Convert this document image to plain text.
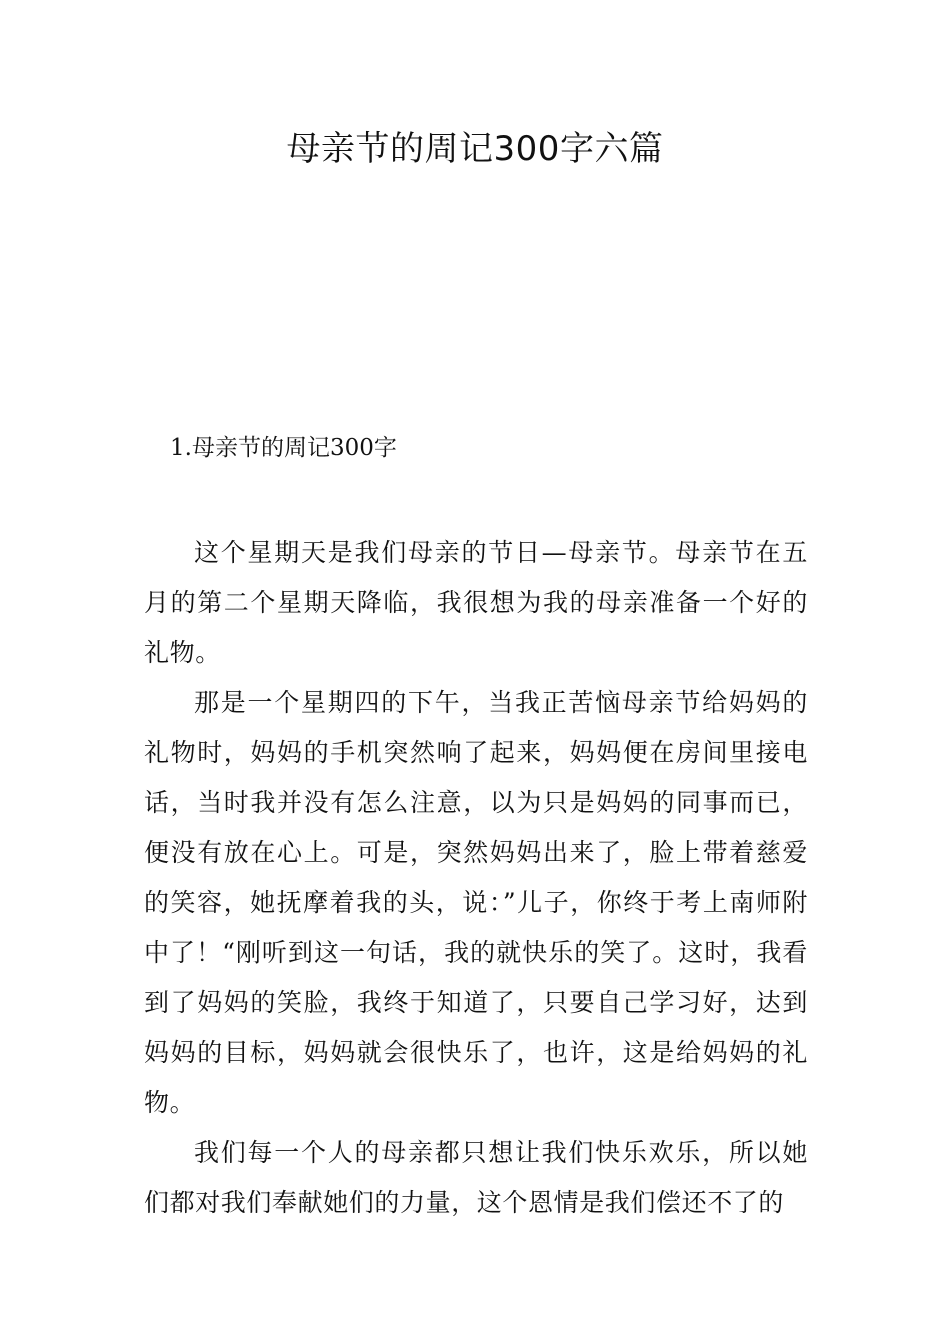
母亲节的周记300字六篇
1.母亲节的周记300字

这个星期天是我们母亲的节日—母亲节。母亲节在五月的第二个星期天降临，我很想为我的母亲准备一个好的礼物。

那是一个星期四的下午，当我正苦恼母亲节给妈妈的礼物时，妈妈的手机突然响了起来，妈妈便在房间里接电话，当时我并没有怎么注意，以为只是妈妈的同事而已，便没有放在心上。可是，突然妈妈出来了，脸上带着慈爱的笑容，她抚摩着我的头，说：”儿子，你终于考上南师附中了！“刚听到这一句话，我的就快乐的笑了。这时，我看到了妈妈的笑脸，我终于知道了，只要自己学习好，达到妈妈的目标，妈妈就会很快乐了，也许，这是给妈妈的礼物。

我们每一个人的母亲都只想让我们快乐欢乐，所以她们都对我们奉献她们的力量，这个恩情是我们偿还不了的
